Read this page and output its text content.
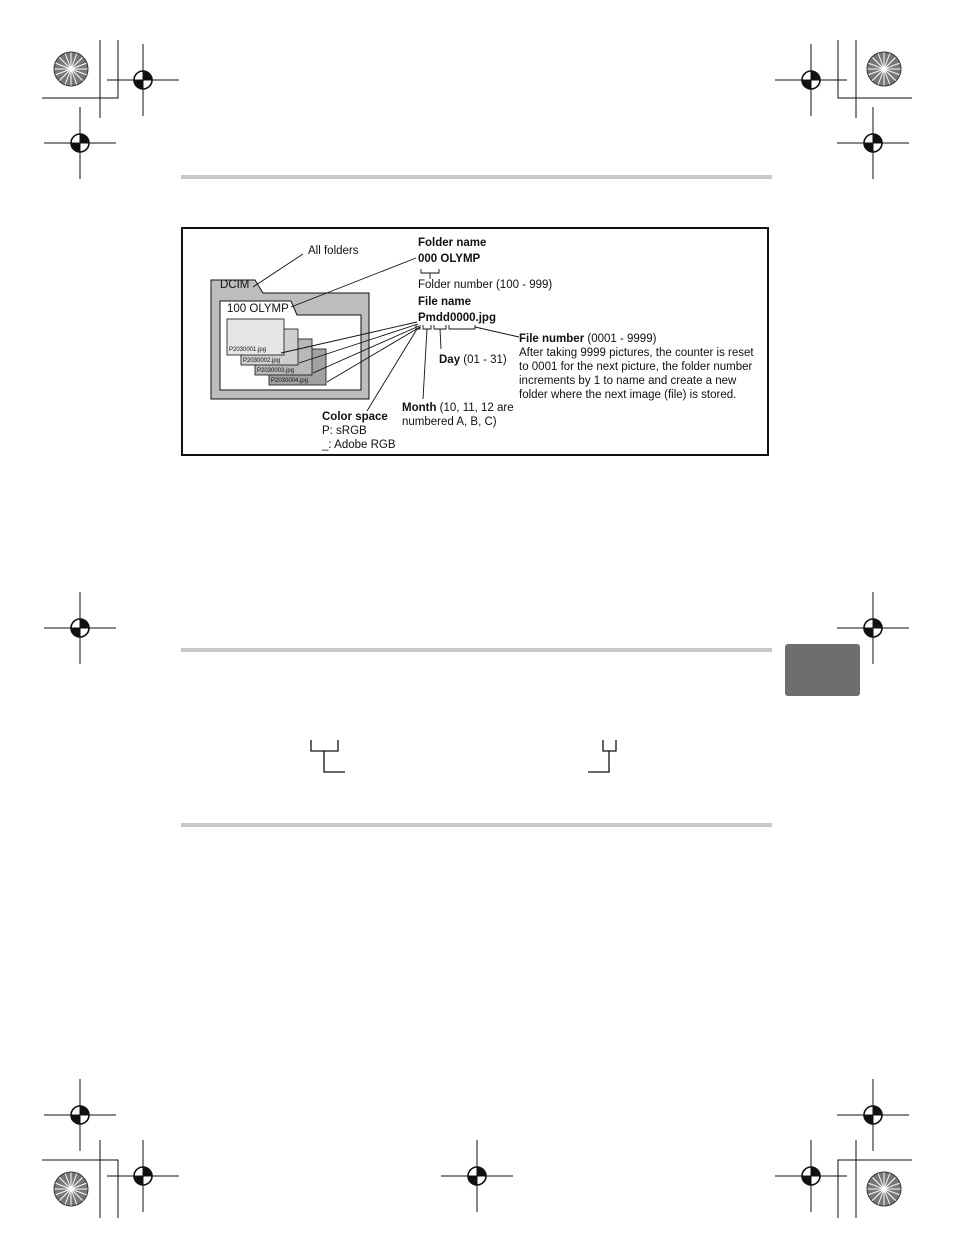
DCIM
100 OLYMP
P2030001.jpg
P2030002.jpg
P2030003.jpg
P2030004.jpg
All folders
Folder name
000 OLYMP
Folder number (100 - 999)
File name
Pmdd0000.jpg
File number (0001 - 9999)
After taking 9999 pictures, the counter is reset
to 0001 for the next picture, the folder number
increments by 1 to name and create a new
folder where the next image (file) is stored.
Day (01 - 31)
Month (10, 11, 12 are
numbered A, B, C)
Color space
P: sRGB
_: Adobe RGB
